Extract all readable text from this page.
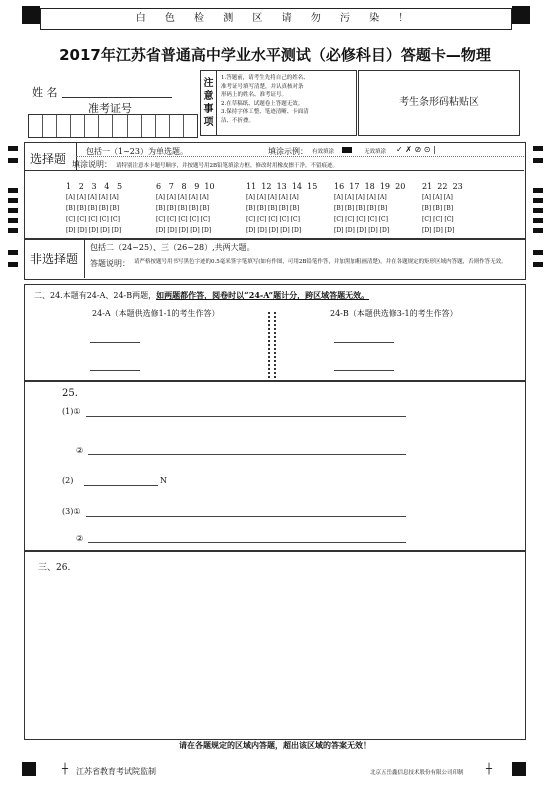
白 色 检 测 区 请 勿 污 染 ！
2017年江苏省普通高中学业水平测试（必修科目）答题卡—物理
姓 名
准考证号
注意事项
1.答题前，请考生先将自己的姓名、
准考证号填写清楚，并认真核对条
形码上的姓名、准考证号。
2.在草稿纸、试题卷上答题无效。
3.保持字体工整、笔迹清晰、卡面清
洁、不折叠。
考生条形码粘贴区
选择题
包括一（1~23）为单选题。	填涂示例： 有效填涂	无效填涂 ✓ ✗ ⊘ ⊙ |
填涂说明： 请特别注意本卡题号顺序，并按题号用2B铅笔填涂方框，修改时用橡皮擦干净，不留痕迹。
1 2 3 4 5
[A] [A] [A] [A] [A]
[B] [B] [B] [B] [B]
[C] [C] [C] [C] [C]
[D] [D] [D] [D] [D]
6 7 8 9 10
[A] [A] [A] [A] [A]
[B] [B] [B] [B] [B]
[C] [C] [C] [C] [C]
[D] [D] [D] [D] [D]
11 12 13 14 15
[A] [A] [A] [A] [A]
[B] [B] [B] [B] [B]
[C] [C] [C] [C] [C]
[D] [D] [D] [D] [D]
16 17 18 19 20
[A] [A] [A] [A] [A]
[B] [B] [B] [B] [B]
[C] [C] [C] [C] [C]
[D] [D] [D] [D] [D]
21 22 23
[A] [A] [A]
[B] [B] [B]
[C] [C] [C]
[D] [D] [D]
非选择题
包括二（24~25）、三（26~28）,共两大题。
答题说明： 请严格按题号用书写黑色字迹的0.5毫米签字笔填写(如有作图，可用2B铅笔作答，并加黑加粗画清楚)，并在各题规定的矩形区域内答题，否则作答无效。
二、24.本题有24-A、24-B两题，如两题都作答，阅卷时以“24-A”题计分，跨区域答题无效。
24-A（本题供选修1-1的考生作答）	24-B（本题供选修3-1的考生作答）
25.
(1)①
②
(2)	N
(3)①
②
三、26.
请在各题规定的区域内答题，超出该区域的答案无效！
┼ 江苏省教育考试院监制	北京五岳鑫信息技术股份有限公司印制 ┼
